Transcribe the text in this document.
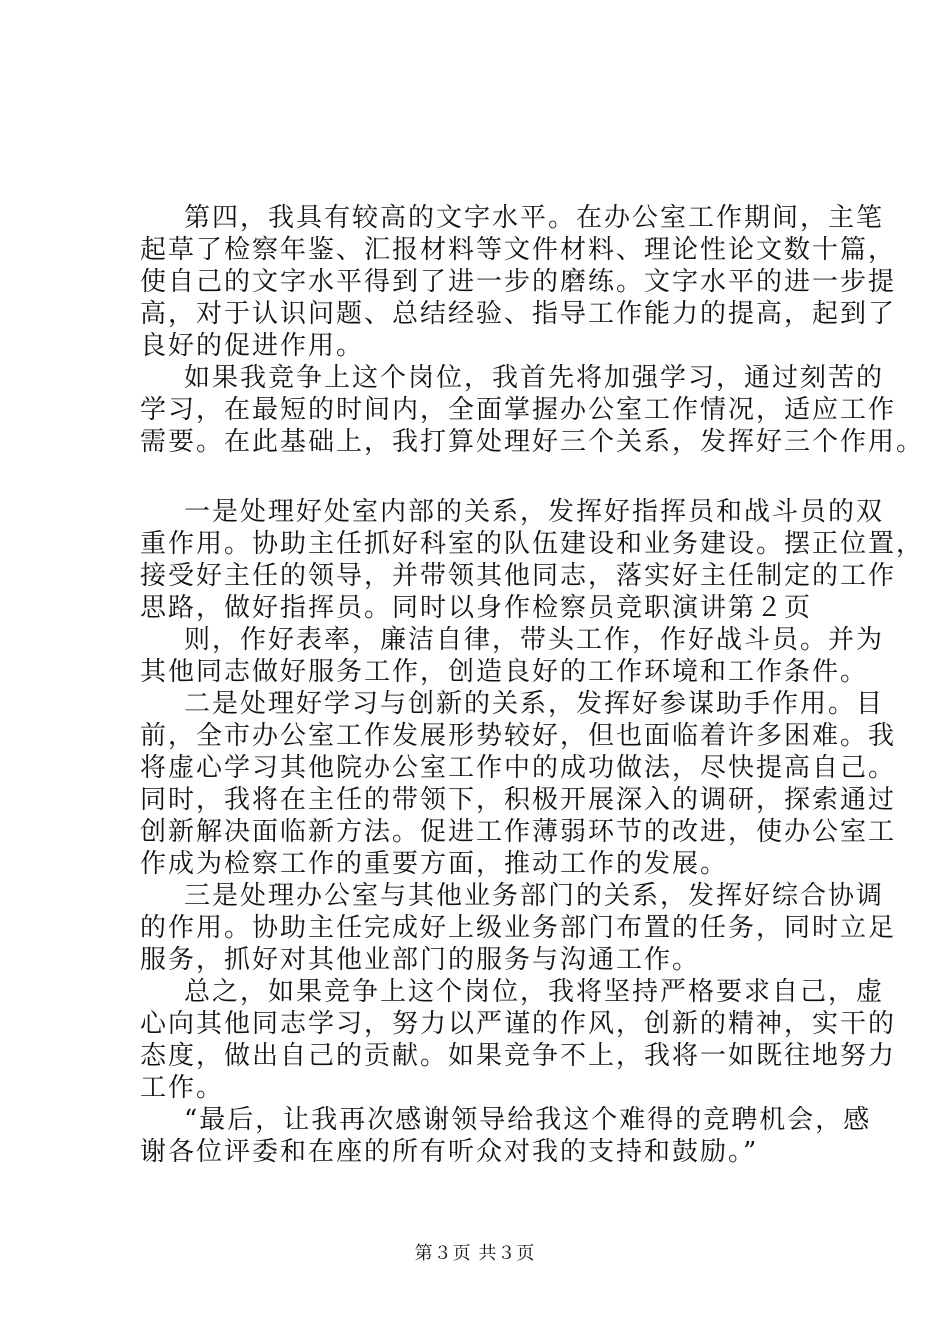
第四，我具有较高的文字水平。在办公室工作期间，主笔

起草了检察年鉴、汇报材料等文件材料、理论性论文数十篇，

使自己的文字水平得到了进一步的磨练。文字水平的进一步提

高，对于认识问题、总结经验、指导工作能力的提高，起到了

良好的促进作用。

如果我竞争上这个岗位，我首先将加强学习，通过刻苦的

学习，在最短的时间内，全面掌握办公室工作情况，适应工作

需要。在此基础上，我打算处理好三个关系，发挥好三个作用。

一是处理好处室内部的关系，发挥好指挥员和战斗员的双

重作用。协助主任抓好科室的队伍建设和业务建设。摆正位置，

接受好主任的领导，并带领其他同志，落实好主任制定的工作

思路，做好指挥员。同时以身作检察员竞职演讲第２页

则，作好表率，廉洁自律，带头工作，作好战斗员。并为

其他同志做好服务工作，创造良好的工作环境和工作条件。

二是处理好学习与创新的关系，发挥好参谋助手作用。目

前，全市办公室工作发展形势较好，但也面临着许多困难。我

将虚心学习其他院办公室工作中的成功做法，尽快提高自己。

同时，我将在主任的带领下，积极开展深入的调研，探索通过

创新解决面临新方法。促进工作薄弱环节的改进，使办公室工

作成为检察工作的重要方面，推动工作的发展。

三是处理办公室与其他业务部门的关系，发挥好综合协调

的作用。协助主任完成好上级业务部门布置的任务，同时立足

服务，抓好对其他业部门的服务与沟通工作。

总之，如果竞争上这个岗位，我将坚持严格要求自己，虚

心向其他同志学习，努力以严谨的作风，创新的精神，实干的

态度，做出自己的贡献。如果竞争不上，我将一如既往地努力

工作。

“最后，让我再次感谢领导给我这个难得的竞聘机会，感

谢各位评委和在座的所有听众对我的支持和鼓励。”

第３页 共３页
